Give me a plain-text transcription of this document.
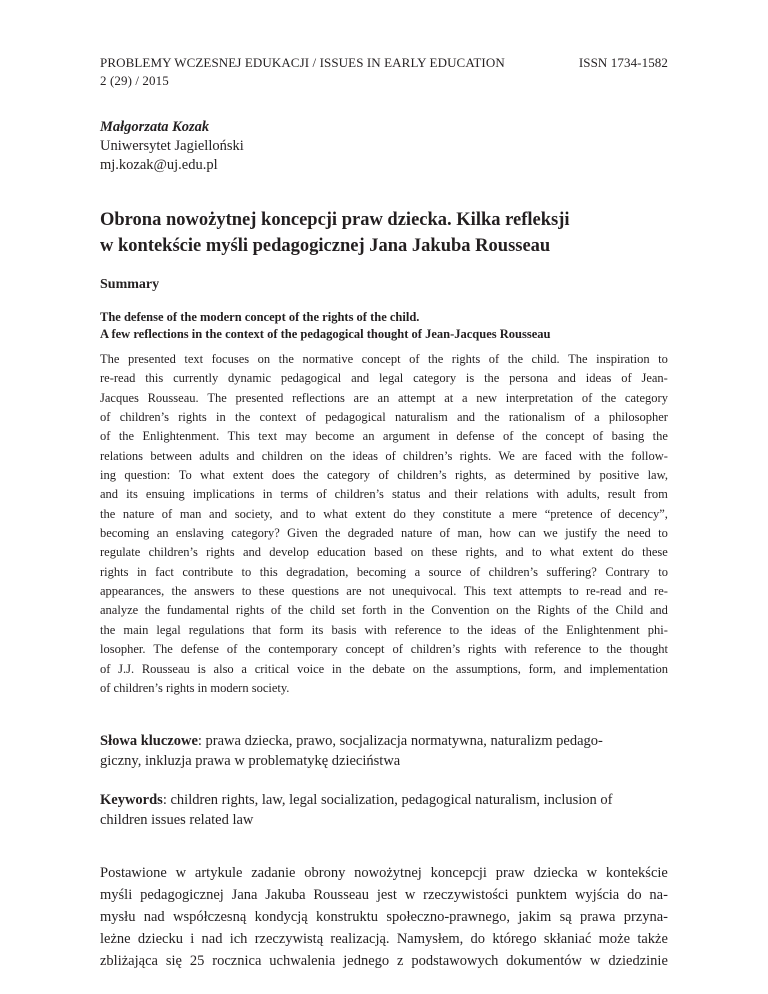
PROBLEMY WCZESNEJ EDUKACJI / ISSUES IN EARLY EDUCATION
2 (29) / 2015
ISSN 1734-1582
Małgorzata Kozak
Uniwersytet Jagielloński
mj.kozak@uj.edu.pl
Obrona nowożytnej koncepcji praw dziecka. Kilka refleksji
w kontekście myśli pedagogicznej Jana Jakuba Rousseau
Summary
The defense of the modern concept of the rights of the child.
A few reflections in the context of the pedagogical thought of Jean-Jacques Rousseau
The presented text focuses on the normative concept of the rights of the child. The inspiration to
re-read this currently dynamic pedagogical and legal category is the persona and ideas of Jean-
Jacques Rousseau. The presented reflections are an attempt at a new interpretation of the category
of children’s rights in the context of pedagogical naturalism and the rationalism of a philosopher
of the Enlightenment. This text may become an argument in defense of the concept of basing the
relations between adults and children on the ideas of children’s rights. We are faced with the follow-
ing question: To what extent does the category of children’s rights, as determined by positive law,
and its ensuing implications in terms of children’s status and their relations with adults, result from
the nature of man and society, and to what extent do they constitute a mere “pretence of decency”,
becoming an enslaving category? Given the degraded nature of man, how can we justify the need to
regulate children’s rights and develop education based on these rights, and to what extent do these
rights in fact contribute to this degradation, becoming a source of children’s suffering? Contrary to
appearances, the answers to these questions are not unequivocal. This text attempts to re-read and re-
analyze the fundamental rights of the child set forth in the Convention on the Rights of the Child and
the main legal regulations that form its basis with reference to the ideas of the Enlightenment phi-
losopher. The defense of the contemporary concept of children’s rights with reference to the thought
of J.J. Rousseau is also a critical voice in the debate on the assumptions, form, and implementation
of children’s rights in modern society.
Słowa kluczowe: prawa dziecka, prawo, socjalizacja normatywna, naturalizm pedago-
giczny, inkluzja prawa w problematykę dzieciństwa
Keywords: children rights, law, legal socialization, pedagogical naturalism, inclusion of
children issues related law
Postawione w artykule zadanie obrony nowożytnej koncepcji praw dziecka w kontekście
myśli pedagogicznej Jana Jakuba Rousseau jest w rzeczywistości punktem wyjścia do na-
mysłu nad współczesną kondycją konstruktu społeczno-prawnego, jakim są prawa przyna-
leżne dziecku i nad ich rzeczywistą realizacją. Namysłem, do którego skłaniać może także
zbliżająca się 25 rocznica uchwalenia jednego z podstawowych dokumentów w dziedzinie
